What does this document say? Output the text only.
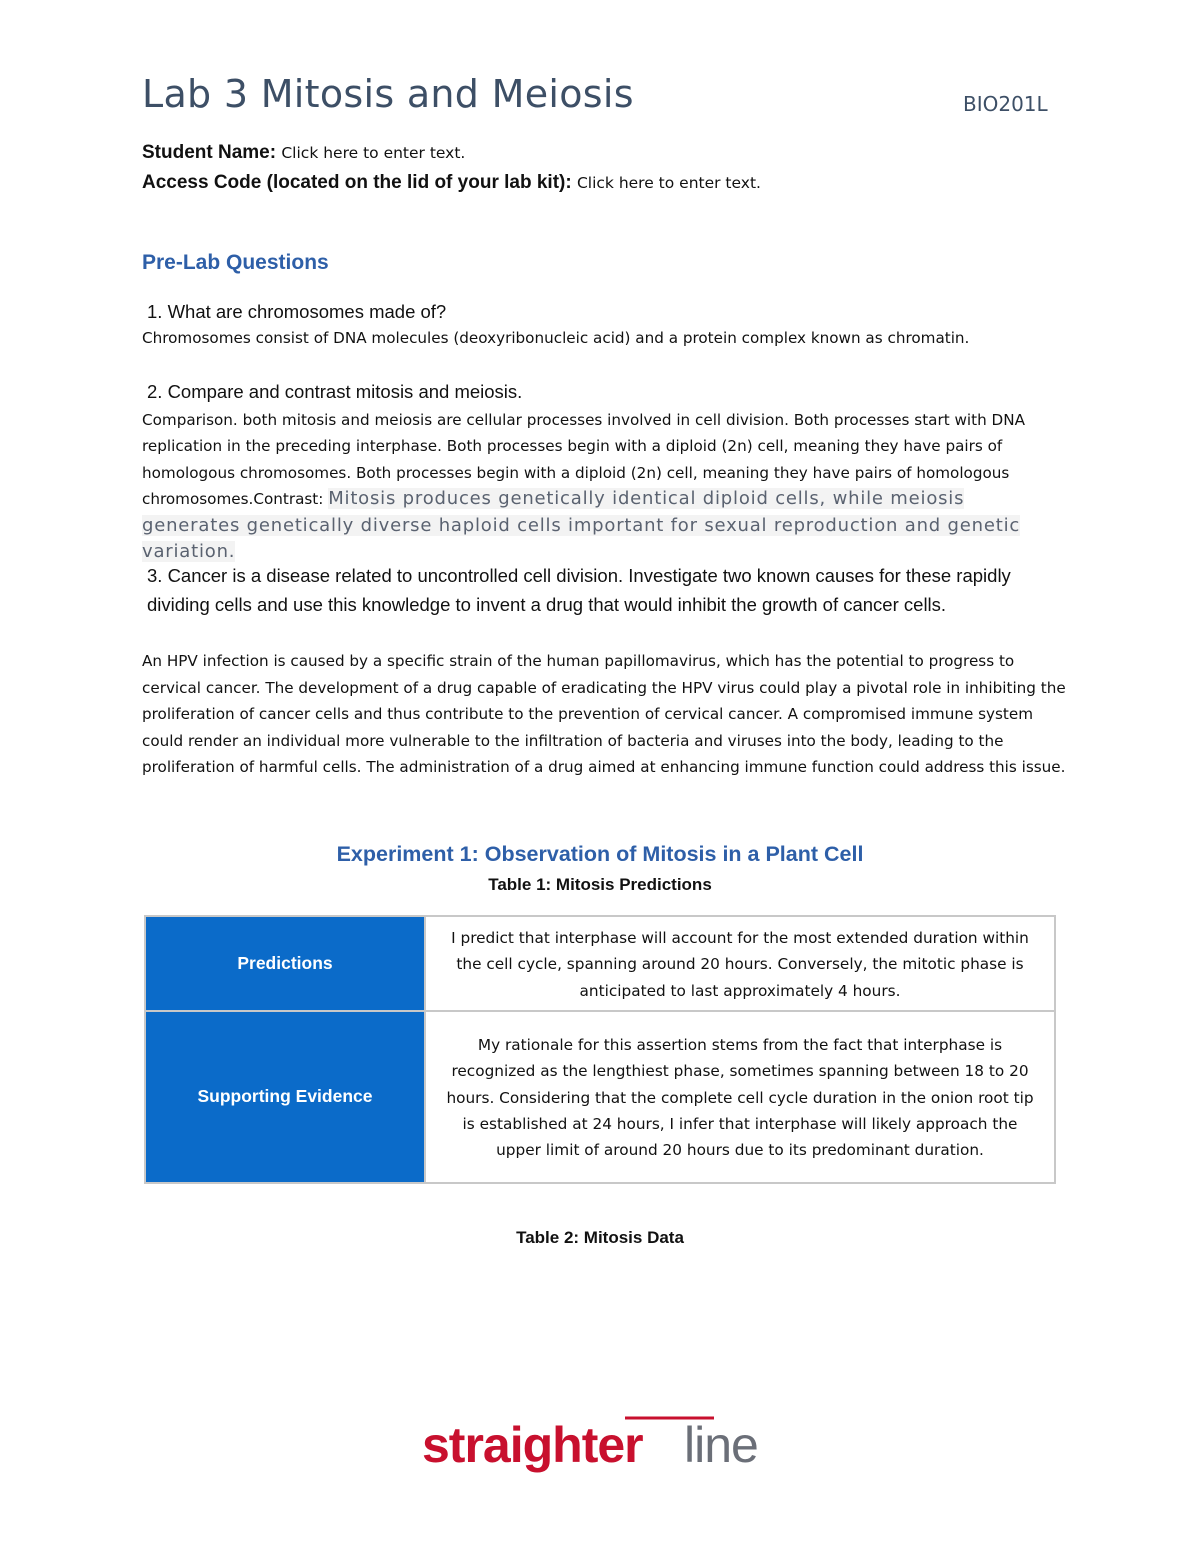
Lab 3 Mitosis and Meiosis	BIO201L
Student Name: Click here to enter text.
Access Code (located on the lid of your lab kit): Click here to enter text.
Pre-Lab Questions
1. What are chromosomes made of?
Chromosomes consist of DNA molecules (deoxyribonucleic acid) and a protein complex known as chromatin.
2. Compare and contrast mitosis and meiosis.
Comparison. both mitosis and meiosis are cellular processes involved in cell division. Both processes start with DNA replication in the preceding interphase. Both processes begin with a diploid (2n) cell, meaning they have pairs of homologous chromosomes. Both processes begin with a diploid (2n) cell, meaning they have pairs of homologous chromosomes.Contrast: Mitosis produces genetically identical diploid cells, while meiosis generates genetically diverse haploid cells important for sexual reproduction and genetic variation.
3. Cancer is a disease related to uncontrolled cell division. Investigate two known causes for these rapidly dividing cells and use this knowledge to invent a drug that would inhibit the growth of cancer cells.
An HPV infection is caused by a specific strain of the human papillomavirus, which has the potential to progress to cervical cancer. The development of a drug capable of eradicating the HPV virus could play a pivotal role in inhibiting the proliferation of cancer cells and thus contribute to the prevention of cervical cancer. A compromised immune system could render an individual more vulnerable to the infiltration of bacteria and viruses into the body, leading to the proliferation of harmful cells. The administration of a drug aimed at enhancing immune function could address this issue.
Experiment 1: Observation of Mitosis in a Plant Cell
Table 1: Mitosis Predictions
Predictions	I predict that interphase will account for the most extended duration within the cell cycle, spanning around 20 hours. Conversely, the mitotic phase is anticipated to last approximately 4 hours.
Supporting Evidence	My rationale for this assertion stems from the fact that interphase is recognized as the lengthiest phase, sometimes spanning between 18 to 20 hours. Considering that the complete cell cycle duration in the onion root tip is established at 24 hours, I infer that interphase will likely approach the upper limit of around 20 hours due to its predominant duration.
Table 2: Mitosis Data
straighter line
